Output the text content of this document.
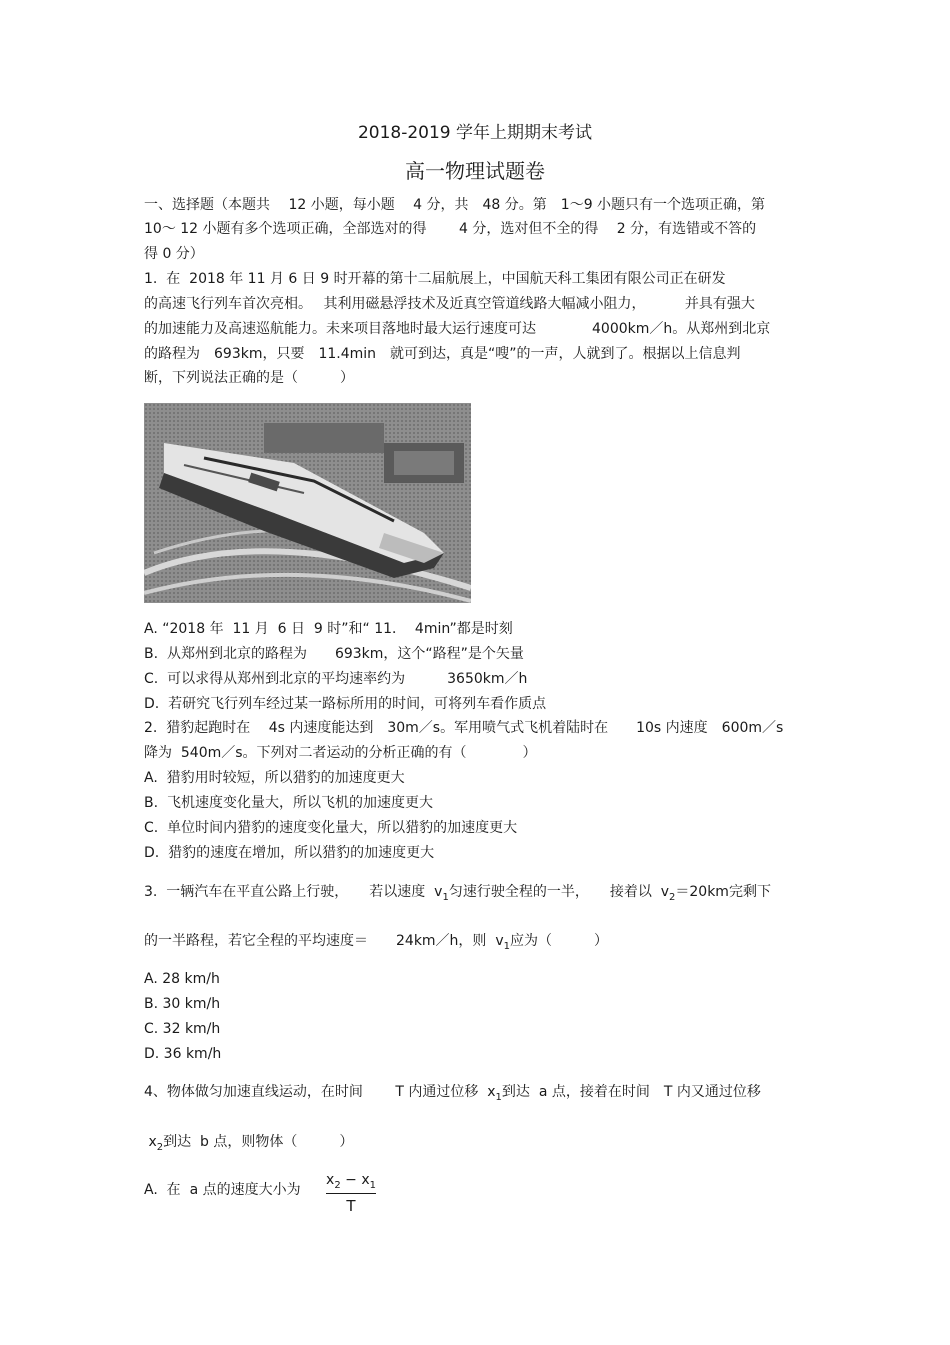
2018-2019 学年上期期末考试
高一物理试题卷
一、选择题（本题共　 12 小题，每小题　 4 分，共　48 分。第　1～9 小题只有一个选项正确，第
10～ 12 小题有多个选项正确，全部选对的得　　 4 分，选对但不全的得　 2 分，有选错或不答的
得 0 分）
1.  在  2018 年 11 月 6 日 9 时开幕的第十二届航展上，中国航天科工集团有限公司正在研发
的高速飞行列车首次亮相。　 其利用磁悬浮技术及近真空管道线路大幅减小阻力，　　　 并具有强大
的加速能力及高速巡航能力。未来项目落地时最大运行速度可达　　　　4000km／h。从郑州到北京
的路程为　693km，只要　11.4min　就可到达，真是“嗖”的一声，人就到了。根据以上信息判
断，下列说法正确的是（　　　）
A. “2018 年  11 月  6 日  9 时”和“ 11．  4min”都是时刻
B.  从郑州到北京的路程为　　693km，这个“路程”是个矢量
C.  可以求得从郑州到北京的平均速率约为　　　3650km／h
D.  若研究飞行列车经过某一路标所用的时间，可将列车看作质点
2.  猎豹起跑时在　 4s 内速度能达到　30m／s。军用喷气式飞机着陆时在　　10s 内速度　600m／s
降为  540m／s。下列对二者运动的分析正确的有（　　　　）
A.  猎豹用时较短，所以猎豹的加速度更大
B.  飞机速度变化量大，所以飞机的加速度更大
C.  单位时间内猎豹的速度变化量大，所以猎豹的加速度更大
D.  猎豹的速度在增加，所以猎豹的加速度更大
3.  一辆汽车在平直公路上行驶，　　若以速度  $v_1$匀速行驶全程的一半，　　接着以  $v_2=20km$完剩下
的一半路程，若它全程的平均速度＝　　24km／h，则  $v_1$应为（　　　）
A. 28 km/h
B. 30 km/h
C. 32 km/h
D. 36 km/h
4、物体做匀加速直线运动，在时间　　 T 内通过位移  $x_1$到达  a 点，接着在时间　T 内又通过位移
$x_2$到达  b 点，则物体（　　　）
A.  在  a 点的速度大小为 $\frac{x_2 - x_1}{T}$
